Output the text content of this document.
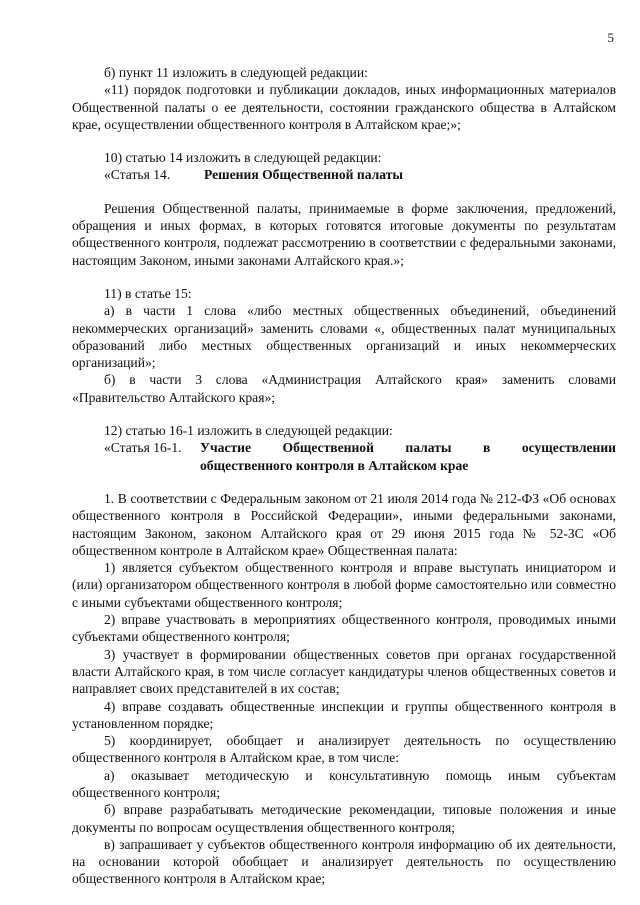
5

б) пункт 11 изложить в следующей редакции:

«11) порядок подготовки и публикации докладов, иных информационных материалов Общественной палаты о ее деятельности, состоянии гражданского общества в Алтайском крае, осуществлении общественного контроля в Алтайском крае;»;

10) статью 14 изложить в следующей редакции:

«Статья 14.	Решения Общественной палаты

Решения Общественной палаты, принимаемые в форме заключения, предложений, обращения и иных формах, в которых готовятся итоговые документы по результатам общественного контроля, подлежат рассмотрению в соответствии с федеральными законами, настоящим Законом, иными законами Алтайского края.»;

11) в статье 15:

а) в части 1 слова «либо местных общественных объединений, объединений некоммерческих организаций» заменить словами «, общественных палат муниципальных образований либо местных общественных организаций и иных некоммерческих организаций»;

б) в части 3 слова «Администрация Алтайского края» заменить словами «Правительство Алтайского края»;

12) статью 16-1 изложить в следующей редакции:

«Статья 16-1.	Участие Общественной палаты в осуществлении
общественного контроля в Алтайском крае

1. В соответствии с Федеральным законом от 21 июля 2014 года № 212-ФЗ «Об основах общественного контроля в Российской Федерации», иными федеральными законами, настоящим Законом, законом Алтайского края от 29 июня 2015 года № 52-ЗС «Об общественном контроле в Алтайском крае» Общественная палата:

1) является субъектом общественного контроля и вправе выступать инициатором и (или) организатором общественного контроля в любой форме самостоятельно или совместно с иными субъектами общественного контроля;

2) вправе участвовать в мероприятиях общественного контроля, проводимых иными субъектами общественного контроля;

3) участвует в формировании общественных советов при органах государственной власти Алтайского края, в том числе согласует кандидатуры членов общественных советов и направляет своих представителей в их состав;

4) вправе создавать общественные инспекции и группы общественного контроля в установленном порядке;

5) координирует, обобщает и анализирует деятельность по осуществлению общественного контроля в Алтайском крае, в том числе:

а) оказывает методическую и консультативную помощь иным субъектам общественного контроля;

б) вправе разрабатывать методические рекомендации, типовые положения и иные документы по вопросам осуществления общественного контроля;

в) запрашивает у субъектов общественного контроля информацию об их деятельности, на основании которой обобщает и анализирует деятельность по осуществлению общественного контроля в Алтайском крае;
